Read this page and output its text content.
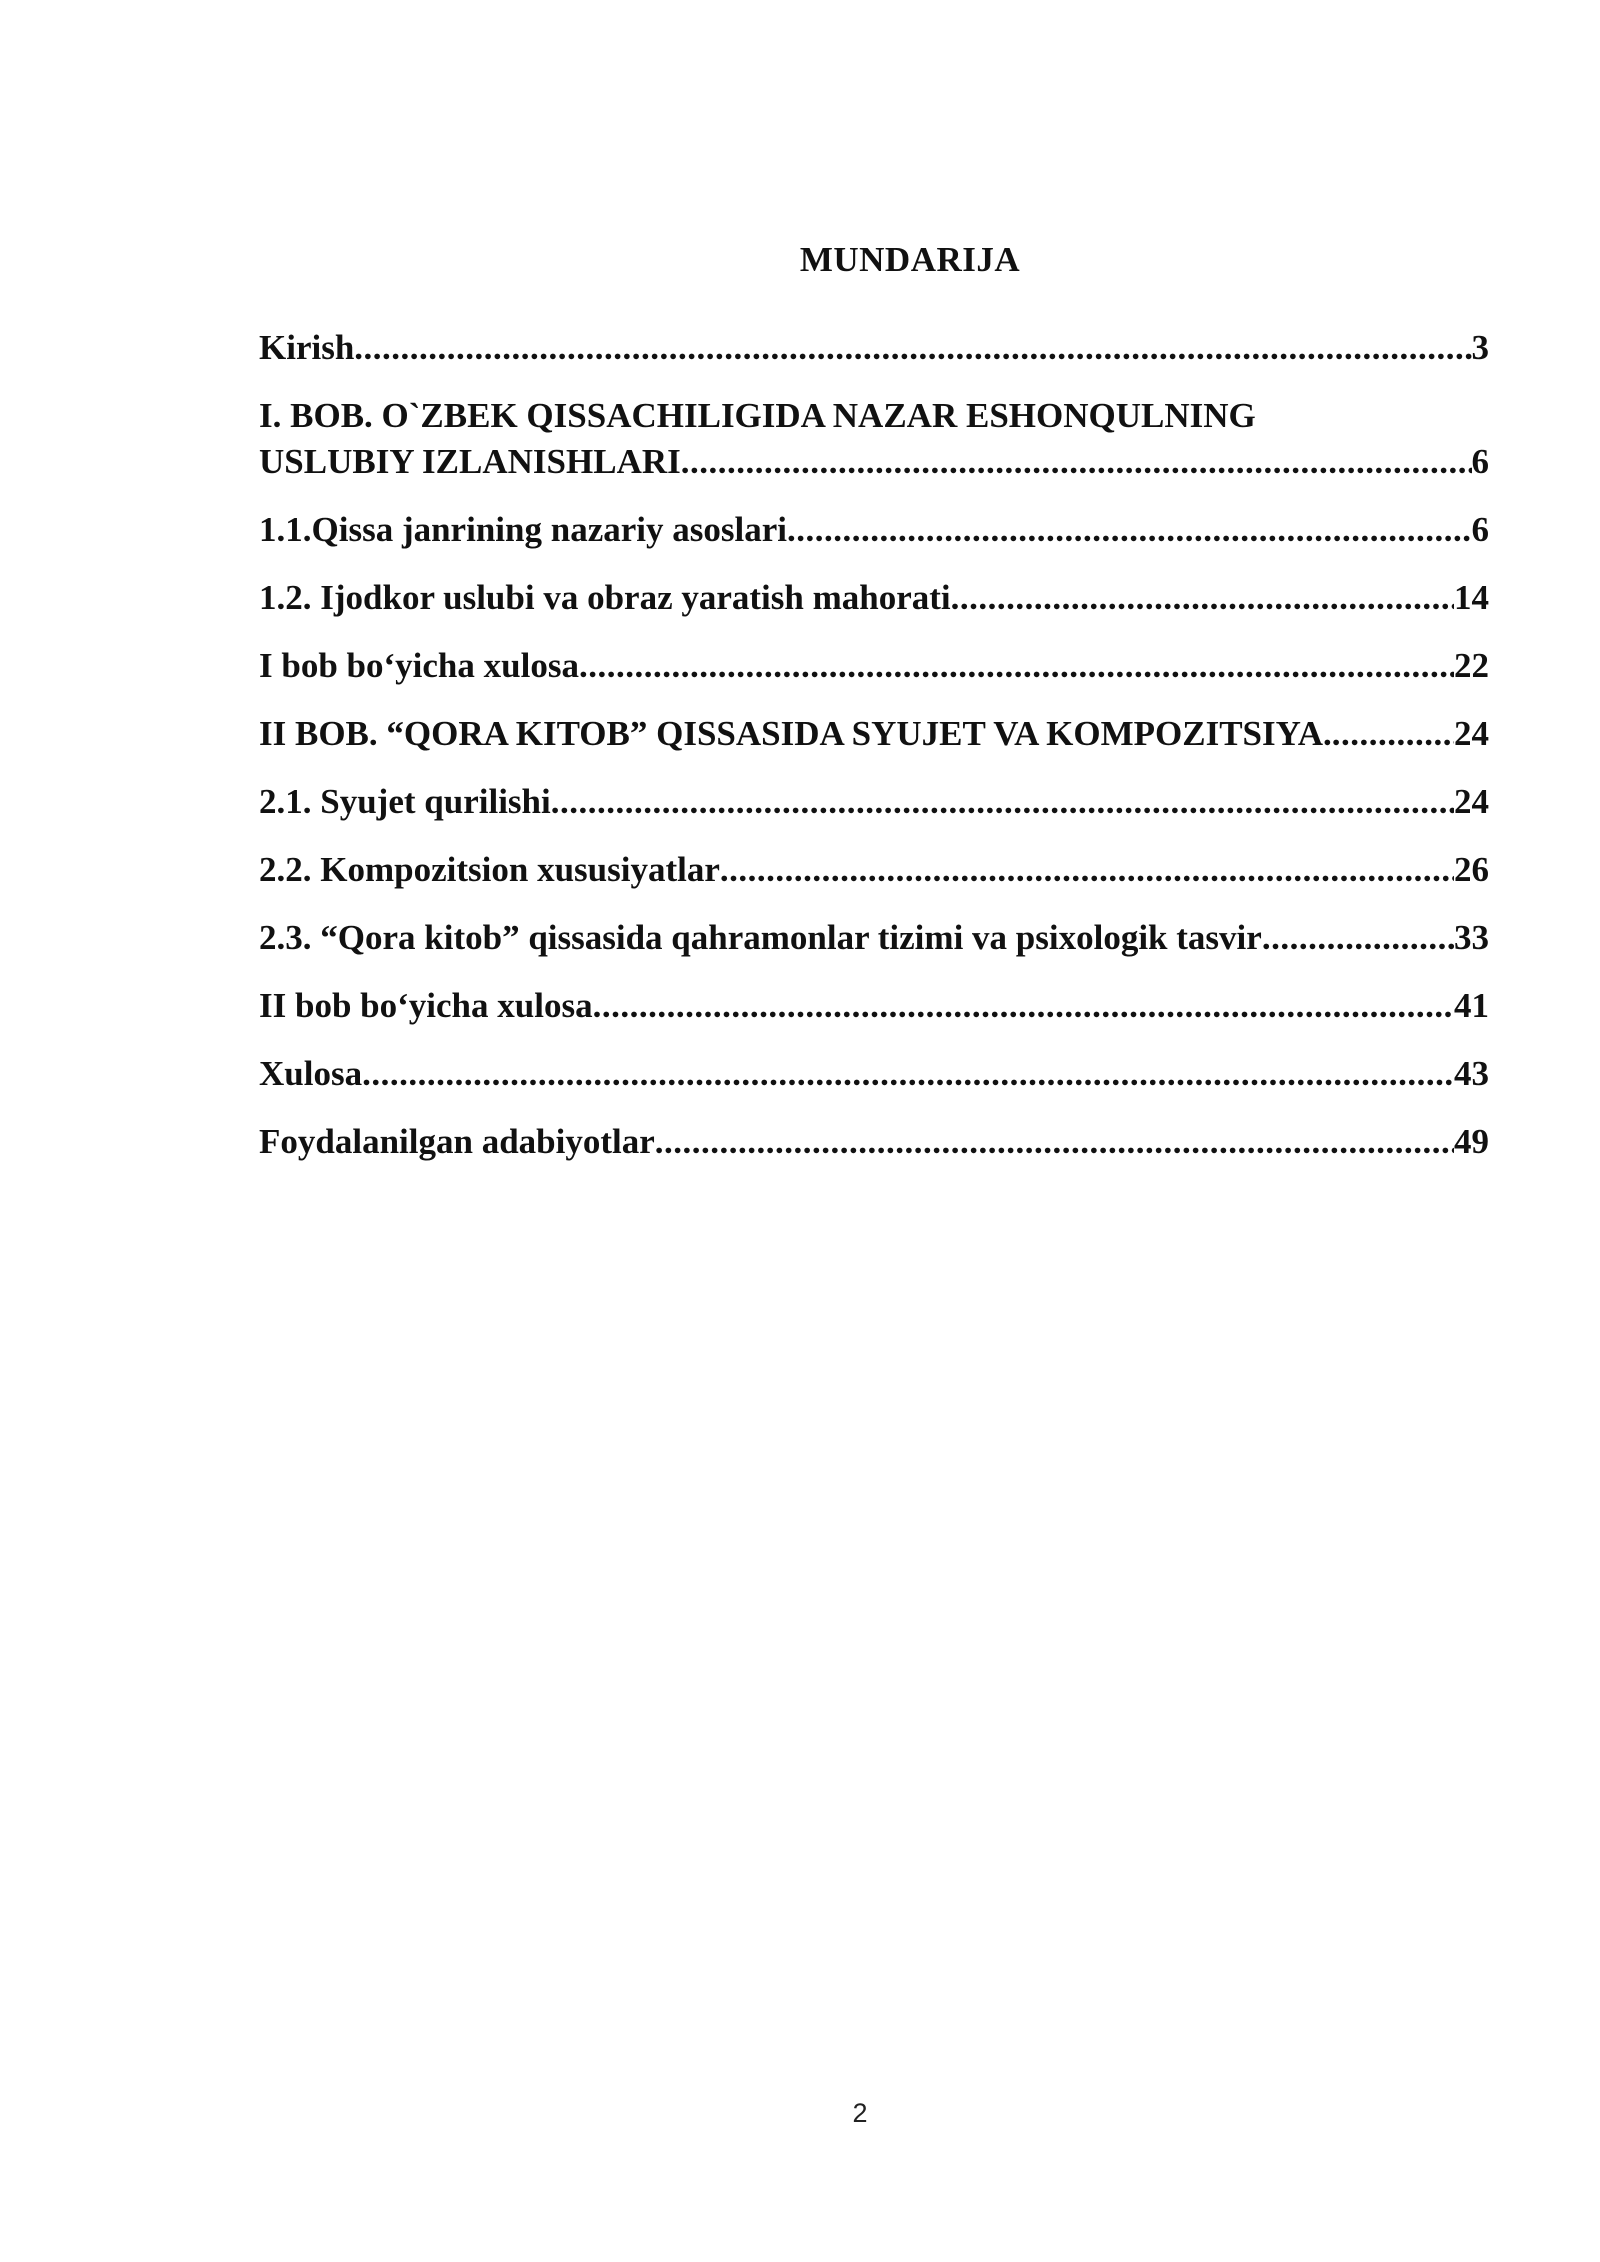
MUNDARIJA
Kirish .....	3
I. BOB. O`ZBEK QISSACHILIGIDA NAZAR ESHONQULNING
USLUBIY IZLANISHLARI .....	6
1.1.Qissa janrining nazariy asoslari .....	6
1.2. Ijodkor uslubi va obraz yaratish mahorati .....	14
I bob bo‘yicha xulosa .....	22
II BOB. “QORA KITOB” QISSASIDA SYUJET VA KOMPOZITSIYA. .....	24
2.1. Syujet qurilishi .....	24
2.2. Kompozitsion xususiyatlar .....	26
2.3. “Qora kitob” qissasida qahramonlar tizimi va psixologik tasvir .....	33
II bob bo‘yicha xulosa .....	41
Xulosa .....	43
Foydalanilgan adabiyotlar .....	49
2
